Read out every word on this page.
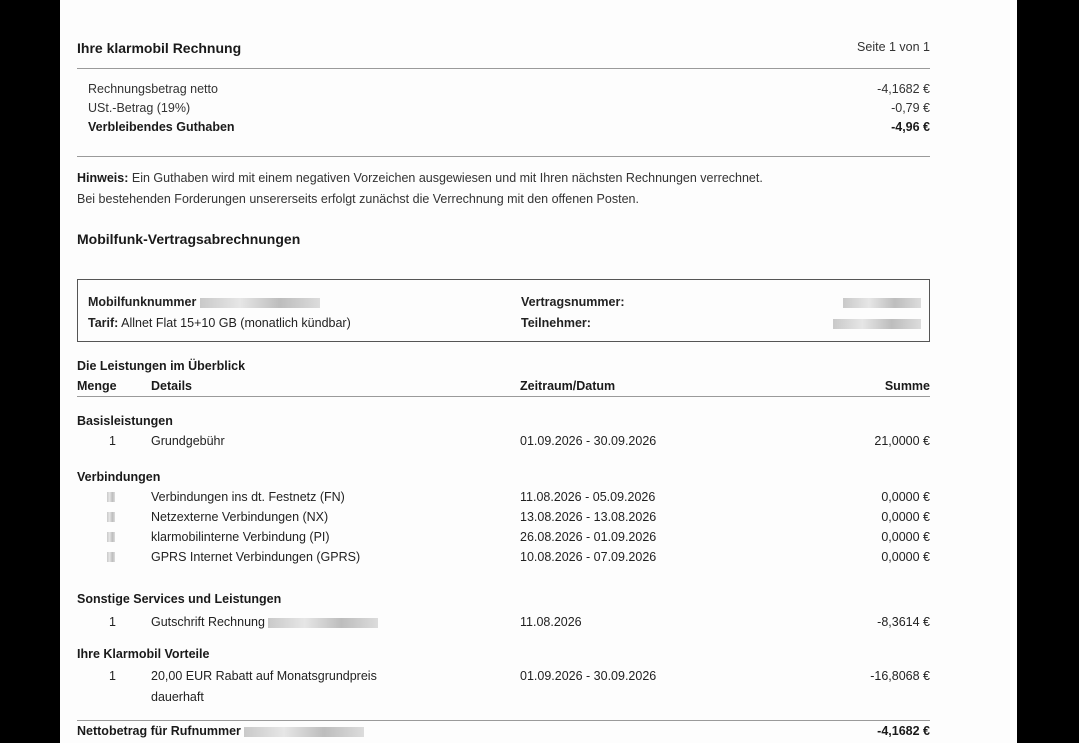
Ihre klarmobil Rechnung	Seite 1 von 1
Rechnungsbetrag netto	-4,1682 €
USt.-Betrag (19%)	-0,79 €
Verbleibendes Guthaben	-4,96 €
Hinweis: Ein Guthaben wird mit einem negativen Vorzeichen ausgewiesen und mit Ihren nächsten Rechnungen verrechnet.
Bei bestehenden Forderungen unsererseits erfolgt zunächst die Verrechnung mit den offenen Posten.
Mobilfunk-Vertragsabrechnungen
Mobilfunknummer
Tarif: Allnet Flat 15+10 GB (monatlich kündbar)
Vertragsnummer:
Teilnehmer:
Die Leistungen im Überblick
Menge	Details	Zeitraum/Datum	Summe
Basisleistungen
1	Grundgebühr	01.09.2026 - 30.09.2026	21,0000 €
Verbindungen
Verbindungen ins dt. Festnetz (FN)	11.08.2026 - 05.09.2026	0,0000 €
Netzexterne Verbindungen (NX)	13.08.2026 - 13.08.2026	0,0000 €
klarmobilinterne Verbindung (PI)	26.08.2026 - 01.09.2026	0,0000 €
GPRS Internet Verbindungen (GPRS)	10.08.2026 - 07.09.2026	0,0000 €
Sonstige Services und Leistungen
1	Gutschrift Rechnung	11.08.2026	-8,3614 €
Ihre Klarmobil Vorteile
1	20,00 EUR Rabatt auf Monatsgrundpreis	01.09.2026 - 30.09.2026	-16,8068 €
dauerhaft
Nettobetrag für Rufnummer	-4,1682 €
